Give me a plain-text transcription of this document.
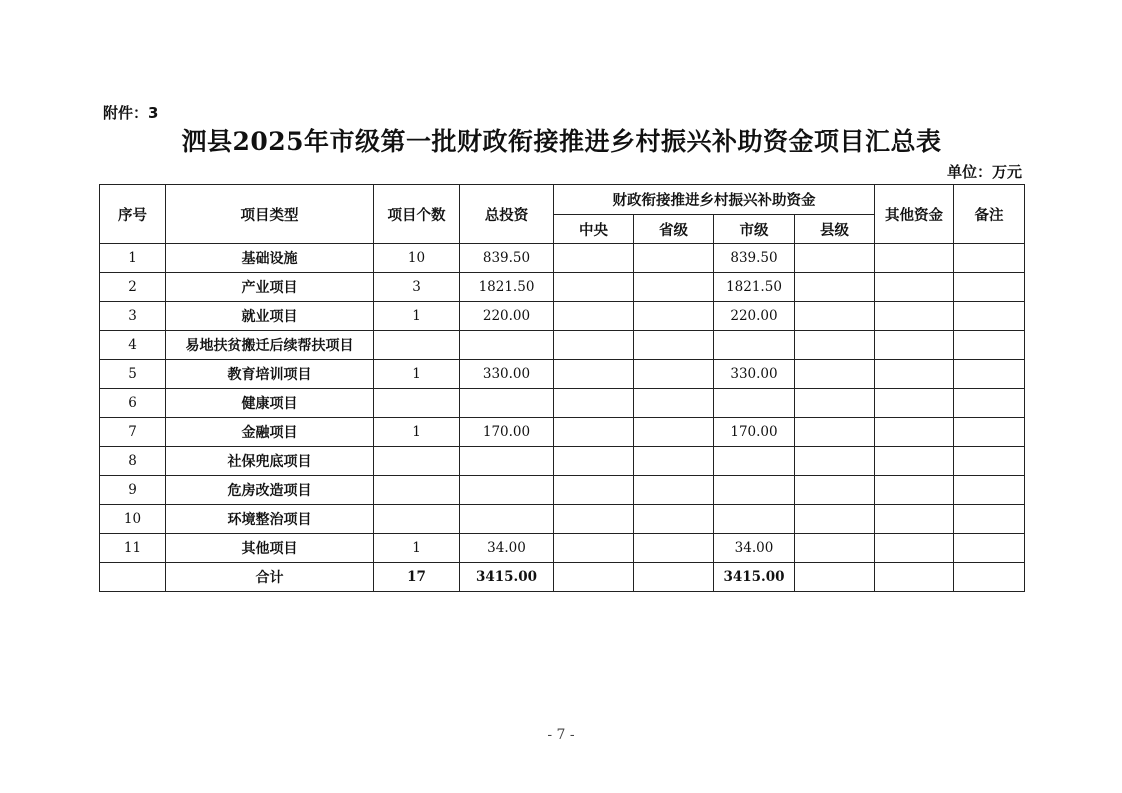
附件：3
泗县2025年市级第一批财政衔接推进乡村振兴补助资金项目汇总表
单位：万元
序号	项目类型	项目个数	总投资	财政衔接推进乡村振兴补助资金				其他资金	备注
				中央	省级	市级	县级		
1	基础设施	10	839.50			839.50			
2	产业项目	3	1821.50			1821.50			
3	就业项目	1	220.00			220.00			
4	易地扶贫搬迁后续帮扶项目								
5	教育培训项目	1	330.00			330.00			
6	健康项目								
7	金融项目	1	170.00			170.00			
8	社保兜底项目								
9	危房改造项目								
10	环境整治项目								
11	其他项目	1	34.00			34.00			
	合计	17	3415.00			3415.00			
- 7 -
